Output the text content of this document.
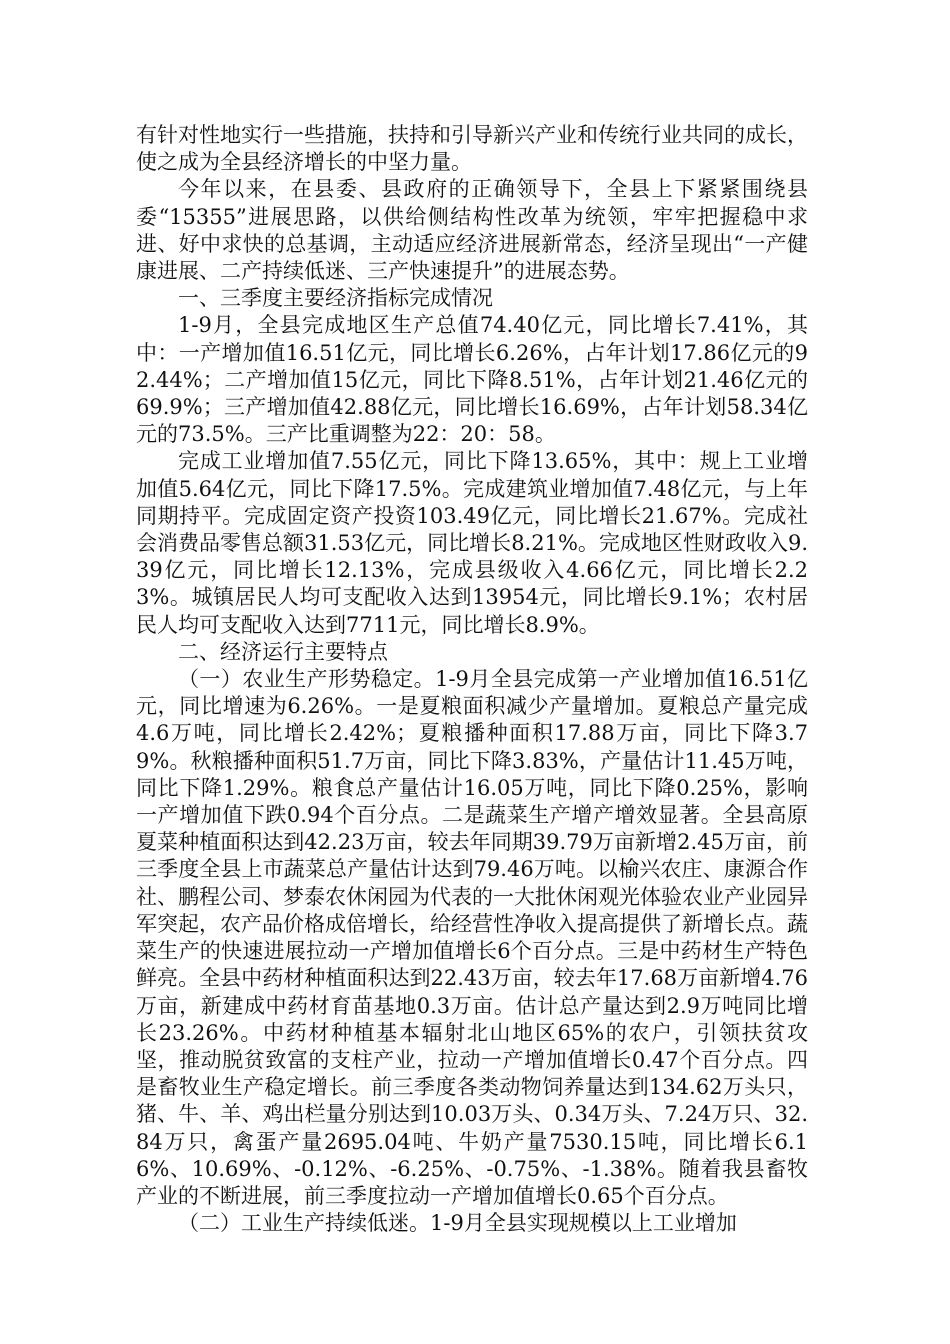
有针对性地实行一些措施，扶持和引导新兴产业和传统行业共同的成长，使之成为全县经济增长的中坚力量。

今年以来，在县委、县政府的正确领导下，全县上下紧紧围绕县委“15355”进展思路，以供给侧结构性改革为统领，牢牢把握稳中求进、好中求快的总基调，主动适应经济进展新常态，经济呈现出“一产健康进展、二产持续低迷、三产快速提升”的进展态势。

一、三季度主要经济指标完成情况

1-9月，全县完成地区生产总值74.40亿元，同比增长7.41%，其中：一产增加值16.51亿元，同比增长6.26%，占年计划17.86亿元的92.44%；二产增加值15亿元，同比下降8.51%，占年计划21.46亿元的69.9%；三产增加值42.88亿元，同比增长16.69%，占年计划58.34亿元的73.5%。三产比重调整为22：20：58。

完成工业增加值7.55亿元，同比下降13.65%，其中：规上工业增加值5.64亿元，同比下降17.5%。完成建筑业增加值7.48亿元，与上年同期持平。完成固定资产投资103.49亿元，同比增长21.67%。完成社会消费品零售总额31.53亿元，同比增长8.21%。完成地区性财政收入9.39亿元，同比增长12.13%，完成县级收入4.66亿元，同比增长2.23%。城镇居民人均可支配收入达到13954元，同比增长9.1%；农村居民人均可支配收入达到7711元，同比增长8.9%。

二、经济运行主要特点

（一）农业生产形势稳定。1-9月全县完成第一产业增加值16.51亿元，同比增速为6.26%。一是夏粮面积减少产量增加。夏粮总产量完成4.6万吨，同比增长2.42%；夏粮播种面积17.88万亩，同比下降3.79%。秋粮播种面积51.7万亩，同比下降3.83%，产量估计11.45万吨，同比下降1.29%。粮食总产量估计16.05万吨，同比下降0.25%，影响一产增加值下跌0.94个百分点。二是蔬菜生产增产增效显著。全县高原夏菜种植面积达到42.23万亩，较去年同期39.79万亩新增2.45万亩，前三季度全县上市蔬菜总产量估计达到79.46万吨。以榆兴农庄、康源合作社、鹏程公司、梦泰农休闲园为代表的一大批休闲观光体验农业产业园异军突起，农产品价格成倍增长，给经营性净收入提高提供了新增长点。蔬菜生产的快速进展拉动一产增加值增长6个百分点。三是中药材生产特色鲜亮。全县中药材种植面积达到22.43万亩，较去年17.68万亩新增4.76万亩，新建成中药材育苗基地0.3万亩。估计总产量达到2.9万吨同比增长23.26%。中药材种植基本辐射北山地区65%的农户，引领扶贫攻坚，推动脱贫致富的支柱产业，拉动一产增加值增长0.47个百分点。四是畜牧业生产稳定增长。前三季度各类动物饲养量达到134.62万头只，猪、牛、羊、鸡出栏量分别达到10.03万头、0.34万头、7.24万只、32.84万只，禽蛋产量2695.04吨、牛奶产量7530.15吨，同比增长6.16%、10.69%、-0.12%、-6.25%、-0.75%、-1.38%。随着我县畜牧产业的不断进展，前三季度拉动一产增加值增长0.65个百分点。

（二）工业生产持续低迷。1-9月全县实现规模以上工业增加
